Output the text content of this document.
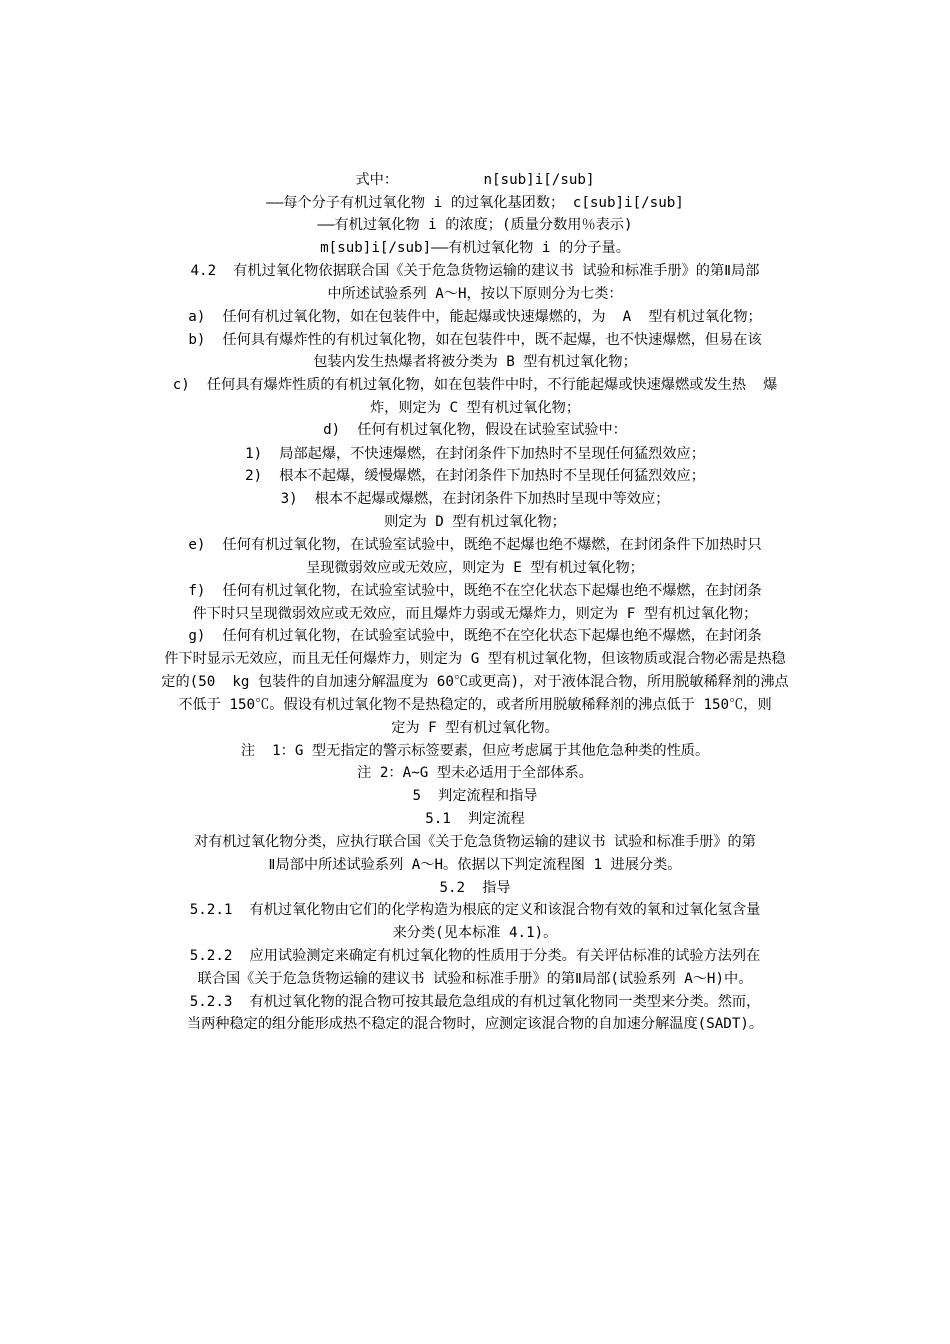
式中：          n[sub]i[/sub]
——每个分子有机过氧化物 i 的过氧化基团数； c[sub]i[/sub]
——有机过氧化物 i 的浓度；(质量分数用％表示)
m[sub]i[/sub]——有机过氧化物 i 的分子量。
4.2  有机过氧化物依据联合国《关于危急货物运输的建议书 试验和标准手册》的第Ⅱ局部
中所述试验系列 A～H，按以下原则分为七类：
a)  任何有机过氧化物，如在包装件中，能起爆或快速爆燃的，为  A  型有机过氧化物；
b)  任何具有爆炸性的有机过氧化物，如在包装件中，既不起爆，也不快速爆燃，但易在该
包装内发生热爆者将被分类为 B 型有机过氧化物；
c)  任何具有爆炸性质的有机过氧化物，如在包装件中时，不行能起爆或快速爆燃或发生热  爆
炸，则定为 C 型有机过氧化物；
d)  任何有机过氧化物，假设在试验室试验中：
1)  局部起爆，不快速爆燃，在封闭条件下加热时不呈现任何猛烈效应；
2)  根本不起爆，缓慢爆燃，在封闭条件下加热时不呈现任何猛烈效应；
3)  根本不起爆或爆燃，在封闭条件下加热时呈现中等效应；
则定为 D 型有机过氧化物；
e)  任何有机过氧化物，在试验室试验中，既绝不起爆也绝不爆燃，在封闭条件下加热时只
呈现微弱效应或无效应，则定为 E 型有机过氧化物；
f)  任何有机过氧化物，在试验室试验中，既绝不在空化状态下起爆也绝不爆燃，在封闭条
件下时只呈现微弱效应或无效应，而且爆炸力弱或无爆炸力，则定为 F 型有机过氧化物；
g)  任何有机过氧化物，在试验室试验中，既绝不在空化状态下起爆也绝不爆燃，在封闭条
件下时显示无效应，而且无任何爆炸力，则定为 G 型有机过氧化物，但该物质或混合物必需是热稳
定的(50  kg 包装件的自加速分解温度为 60℃或更高)，对于液体混合物，所用脱敏稀释剂的沸点
不低于 150℃。假设有机过氧化物不是热稳定的，或者所用脱敏稀释剂的沸点低于 150℃，则
定为 F 型有机过氧化物。
注  1：G 型无指定的警示标签要素，但应考虑属于其他危急种类的性质。
注 2：A~G 型未必适用于全部体系。
5  判定流程和指导
5.1  判定流程
对有机过氧化物分类，应执行联合国《关于危急货物运输的建议书 试验和标准手册》的第
Ⅱ局部中所述试验系列 A～H。依据以下判定流程图 1 进展分类。
5.2  指导
5.2.1  有机过氧化物由它们的化学构造为根底的定义和该混合物有效的氧和过氧化氢含量
来分类(见本标准 4.1)。
5.2.2  应用试验测定来确定有机过氧化物的性质用于分类。有关评估标准的试验方法列在
联合国《关于危急货物运输的建议书 试验和标准手册》的第Ⅱ局部(试验系列 A～H)中。
5.2.3  有机过氧化物的混合物可按其最危急组成的有机过氧化物同一类型来分类。然而，
当两种稳定的组分能形成热不稳定的混合物时，应测定该混合物的自加速分解温度(SADT)。
